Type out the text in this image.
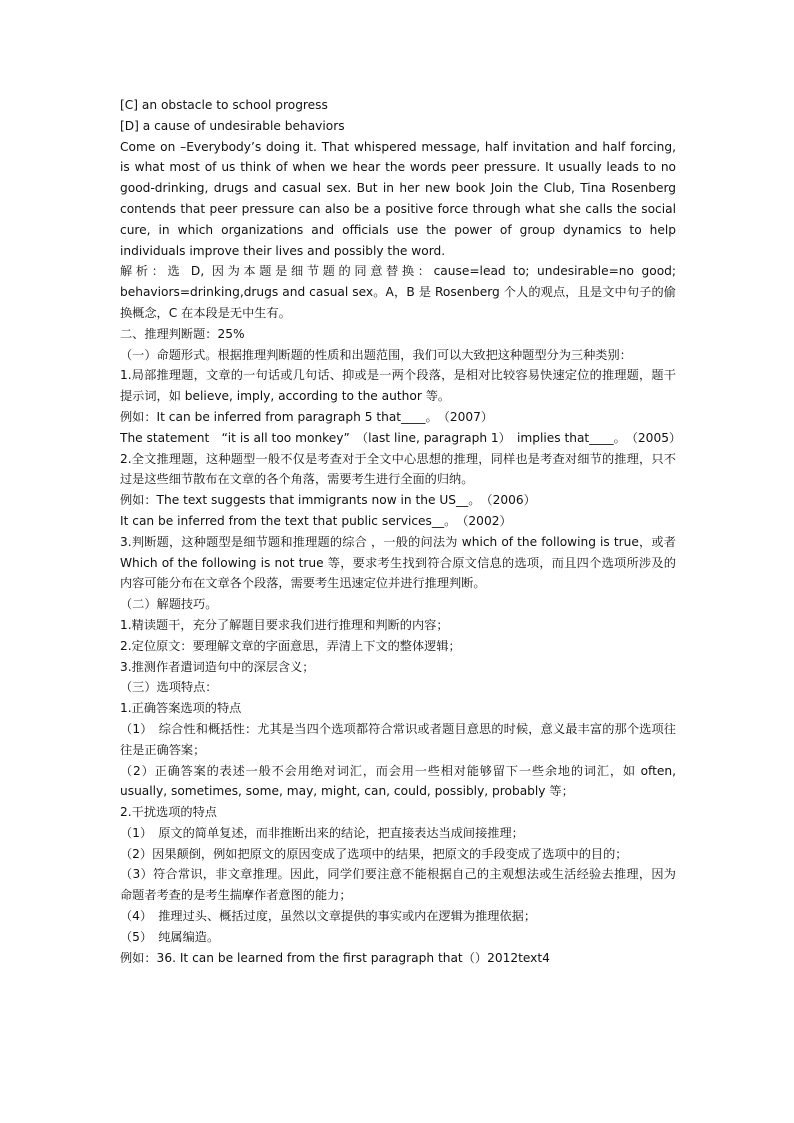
[C] an obstacle to school progress
[D] a cause of undesirable behaviors
Come on –Everybody’s doing it. That whispered message, half invitation and half forcing, is what most of us think of when we hear the words peer pressure. It usually leads to no good-drinking, drugs and casual sex. But in her new book Join the Club, Tina Rosenberg contends that peer pressure can also be a positive force through what she calls the social cure, in which organizations and officials use the power of group dynamics to help individuals improve their lives and possibly the word.
解析：选 D, 因为本题是细节题的同意替换：cause=lead to; undesirable=no good; behaviors=drinking,drugs and casual sex。A，B 是 Rosenberg 个人的观点，且是文中句子的偷换概念，C 在本段是无中生有。
二、推理判断题：25%
（一）命题形式。根据推理判断题的性质和出题范围，我们可以大致把这种题型分为三种类别：
1.局部推理题，文章的一句话或几句话、抑或是一两个段落，是相对比较容易快速定位的推理题，题干提示词，如 believe, imply, according to the author 等。
例如：It can be inferred from paragraph 5 that____。　（2007）
The statement　“it is all too monkey”　（last line, paragraph 1）　implies that____。　（2005）
2.全文推理题，这种题型一般不仅是考查对于全文中心思想的推理，同样也是考查对细节的推理，只不过是这些细节散布在文章的各个角落，需要考生进行全面的归纳。
例如：The text suggests that immigrants now in the US__。　（2006）
It can be inferred from the text that public services__。　（2002）
3.判断题，这种题型是细节题和推理题的综合 ，一般的问法为 which of the following is true，或者 Which of the following is not true 等，要求考生找到符合原文信息的选项，而且四个选项所涉及的内容可能分布在文章各个段落，需要考生迅速定位并进行推理判断。
（二）解题技巧。
1.精读题干，充分了解题目要求我们进行推理和判断的内容；
2.定位原文：要理解文章的字面意思，弄清上下文的整体逻辑；
3.推测作者遣词造句中的深层含义；
（三）选项特点：
1.正确答案选项的特点
（1）　综合性和概括性：尤其是当四个选项都符合常识或者题目意思的时候，意义最丰富的那个选项往往是正确答案；
（2）正确答案的表述一般不会用绝对词汇，而会用一些相对能够留下一些余地的词汇，如 often, usually, sometimes, some, may, might, can, could, possibly, probably 等；
2.干扰选项的特点
（1）　原文的简单复述，而非推断出来的结论，把直接表达当成间接推理；
（2）因果颠倒，例如把原文的原因变成了选项中的结果，把原文的手段变成了选项中的目的；
（3）符合常识，非文章推理。因此，同学们要注意不能根据自己的主观想法或生活经验去推理，因为命题者考查的是考生揣摩作者意图的能力；
（4）　推理过头、概括过度，虽然以文章提供的事实或内在逻辑为推理依据；
（5）　纯属编造。
例如：36. It can be learned from the first paragraph that（）2012text4
